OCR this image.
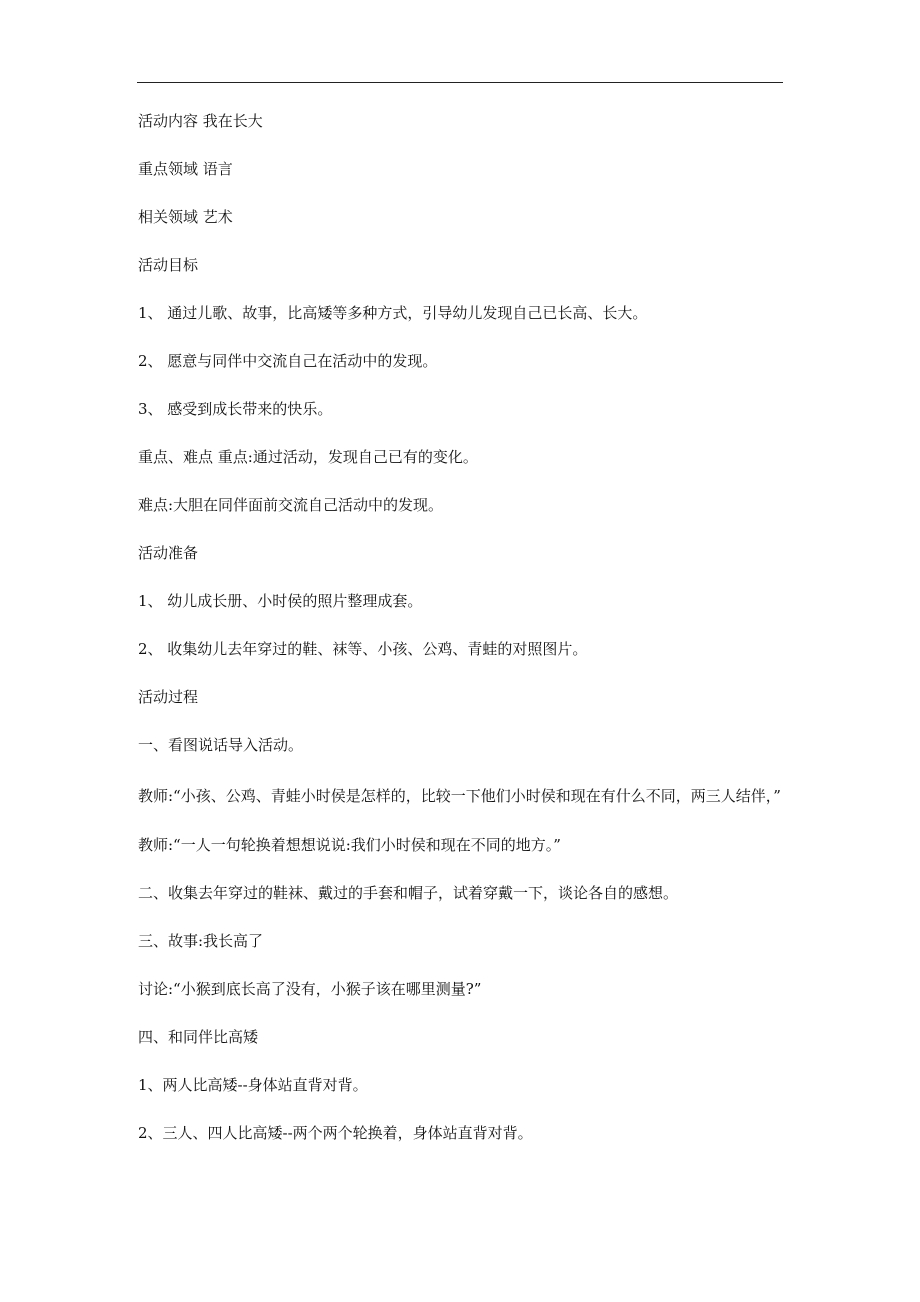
活动内容 我在长大

重点领域 语言

相关领域 艺术

活动目标

1、 通过儿歌、故事，比高矮等多种方式，引导幼儿发现自己已长高、长大。

2、 愿意与同伴中交流自己在活动中的发现。

3、 感受到成长带来的快乐。

重点、难点 重点:通过活动，发现自己已有的变化。

难点:大胆在同伴面前交流自己活动中的发现。

活动准备

1、 幼儿成长册、小时侯的照片整理成套。

2、 收集幼儿去年穿过的鞋、袜等、小孩、公鸡、青蛙的对照图片。

活动过程

一、看图说话导入活动。

教师:“小孩、公鸡、青蛙小时侯是怎样的，比较一下他们小时侯和现在有什么不同，两三人结伴，”

教师:“一人一句轮换着想想说说:我们小时侯和现在不同的地方。”

二、收集去年穿过的鞋袜、戴过的手套和帽子，试着穿戴一下，谈论各自的感想。

三、故事:我长高了

讨论:“小猴到底长高了没有，小猴子该在哪里测量?”

四、和同伴比高矮

1、两人比高矮--身体站直背对背。

2、三人、四人比高矮--两个两个轮换着，身体站直背对背。
